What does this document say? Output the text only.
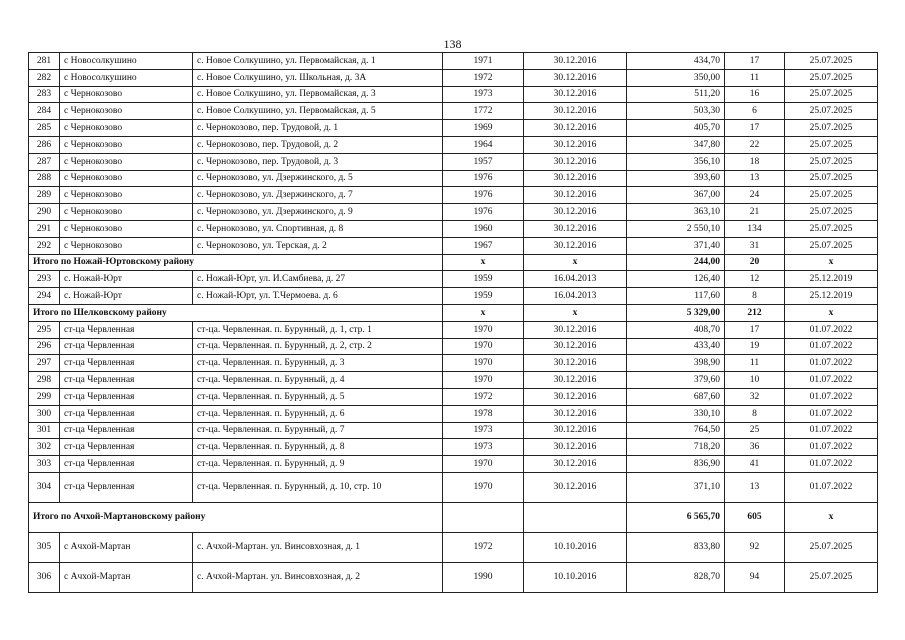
138
281	с Новосолкушино	с. Новое Солкушино, ул. Первомайская, д. 1	1971	30.12.2016	434,70	17	25.07.2025
282	с Новосолкушино	с. Новое Солкушино, ул. Школьная, д. 3А	1972	30.12.2016	350,00	11	25.07.2025
283	с Чернокозово	с. Новое Солкушино, ул. Первомайская, д. 3	1973	30.12.2016	511,20	16	25.07.2025
284	с Чернокозово	с. Новое Солкушино, ул. Первомайская, д. 5	1772	30.12.2016	503,30	6	25.07.2025
285	с Чернокозово	с. Чернокозово, пер. Трудовой, д. 1	1969	30.12.2016	405,70	17	25.07.2025
286	с Чернокозово	с. Чернокозово, пер. Трудовой, д. 2	1964	30.12.2016	347,80	22	25.07.2025
287	с Чернокозово	с. Чернокозово, пер. Трудовой, д. 3	1957	30.12.2016	356,10	18	25.07.2025
288	с Чернокозово	с. Чернокозово, ул. Дзержинского, д. 5	1976	30.12.2016	393,60	13	25.07.2025
289	с Чернокозово	с. Чернокозово, ул. Дзержинского, д. 7	1976	30.12.2016	367,00	24	25.07.2025
290	с Чернокозово	с. Чернокозово, ул. Дзержинского, д. 9	1976	30.12.2016	363,10	21	25.07.2025
291	с Чернокозово	с. Чернокозово, ул. Спортивная, д. 8	1960	30.12.2016	2 550,10	134	25.07.2025
292	с Чернокозово	с. Чернокозово, ул. Терская, д. 2	1967	30.12.2016	371,40	31	25.07.2025
Итого по Ножай-Юртовскому району			х	х	244,00	20	х
293	с. Ножай-Юрт	с. Ножай-Юрт, ул. И.Самбиева, д. 27	1959	16.04.2013	126,40	12	25.12.2019
294	с. Ножай-Юрт	с. Ножай-Юрт, ул. Т.Чермоева. д. 6	1959	16.04.2013	117,60	8	25.12.2019
Итого по Шелковскому району			х	х	5 329,00	212	х
295	ст-ца Червленная	ст-ца. Червленная. п. Бурунный, д. 1, стр. 1	1970	30.12.2016	408,70	17	01.07.2022
296	ст-ца Червленная	ст-ца. Червленная. п. Бурунный, д. 2, стр. 2	1970	30.12.2016	433,40	19	01.07.2022
297	ст-ца Червленная	ст-ца. Червленная. п. Бурунный, д. 3	1970	30.12.2016	398,90	11	01.07.2022
298	ст-ца Червленная	ст-ца. Червленная. п. Бурунный, д. 4	1970	30.12.2016	379,60	10	01.07.2022
299	ст-ца Червленная	ст-ца. Червленная. п. Бурунный, д. 5	1972	30.12.2016	687,60	32	01.07.2022
300	ст-ца Червленная	ст-ца. Червленная. п. Бурунный, д. 6	1978	30.12.2016	330,10	8	01.07.2022
301	ст-ца Червленная	ст-ца. Червленная. п. Бурунный, д. 7	1973	30.12.2016	764,50	25	01.07.2022
302	ст-ца Червленная	ст-ца. Червленная. п. Бурунный, д. 8	1973	30.12.2016	718,20	36	01.07.2022
303	ст-ца Червленная	ст-ца. Червленная. п. Бурунный, д. 9	1970	30.12.2016	836,90	41	01.07.2022
304	ст-ца Червленная	ст-ца. Червленная. п. Бурунный, д. 10, стр. 10	1970	30.12.2016	371,10	13	01.07.2022
Итого по Ачхой-Мартановскому району					6 565,70	605	х
305	с Ачхой-Мартан	с. Ачхой-Мартан. ул. Винсовхозная, д. 1	1972	10.10.2016	833,80	92	25.07.2025
306	с Ачхой-Мартан	с. Ачхой-Мартан. ул. Винсовхозная, д. 2	1990	10.10.2016	828,70	94	25.07.2025
